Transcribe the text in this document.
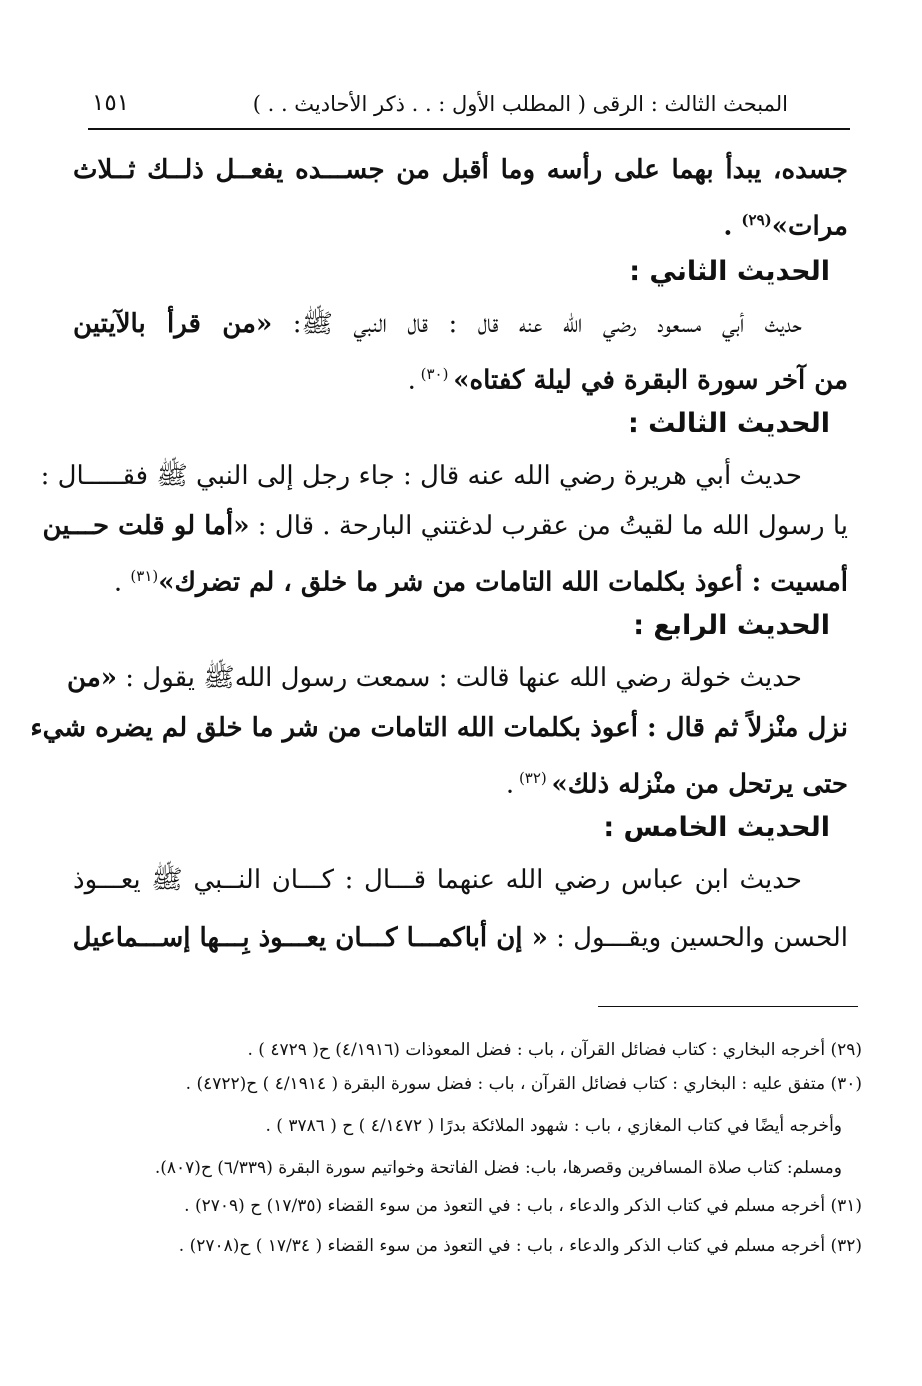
المبحث الثالث : الرقى ( المطلب الأول : . . ذكر الأحاديث . . )
١٥١
جسده، يبدأ بهما على رأسه وما أقبل من جســـده يفعــل ذلــك ثــلاث
مرات»$^{(٢٩)}$ .
الحديث الثاني :
حديث أبي مسعود رضي الله عنه قال : قال النبي ﷺ: «من قرأ بالآيتين
من آخر سورة البقرة في ليلة كفتاه» $^{(٣٠)}$ .
الحديث الثالث :
حديث أبي هريرة رضي الله عنه قال : جاء رجل إلى النبي ﷺ فقـــــال :
يا رسول الله ما لقيتُ من عقرب لدغتني البارحة . قال : «أما لو قلت حـــين
أمسيت : أعوذ بكلمات الله التامات من شر ما خلق ، لم تضرك»$^{(٣١)}$ .
الحديث الرابع :
حديث خولة رضي الله عنها قالت : سمعت رسول اللهﷺ يقول : «من
نزل منْزلاً ثم قال : أعوذ بكلمات الله التامات من شر ما خلق لم يضره شيء
حتى يرتحل من منْزله ذلك» $^{(٣٢)}$ .
الحديث الخامس :
حديث ابن عباس رضي الله عنهما قـــال : كـــان النــبي ﷺ يعـــوذ
الحسن والحسين ويقـــول : « إن أباكمـــا كـــان يعـــوذ بِـــها إســـماعيل
(٢٩) أخرجه البخاري : كتاب فضائل القرآن ، باب : فضل المعوذات (٤/١٩١٦) ح( ٤٧٢٩ ) .
(٣٠) متفق عليه : البخاري : كتاب فضائل القرآن ، باب : فضل سورة البقرة ( ٤/١٩١٤ ) ح(٤٧٢٢) .
وأخرجه أيضًا في كتاب المغازي ، باب : شهود الملائكة بدرًا ( ٤/١٤٧٢ ) ح ( ٣٧٨٦ ) .
ومسلم: كتاب صلاة المسافرين وقصرها، باب: فضل الفاتحة وخواتيم سورة البقرة (٦/٣٣٩) ح(٨٠٧).
(٣١) أخرجه مسلم في كتاب الذكر والدعاء ، باب : في التعوذ من سوء القضاء (١٧/٣٥) ح (٢٧٠٩) .
(٣٢) أخرجه مسلم في كتاب الذكر والدعاء ، باب : في التعوذ من سوء القضاء ( ١٧/٣٤ ) ح(٢٧٠٨) .
